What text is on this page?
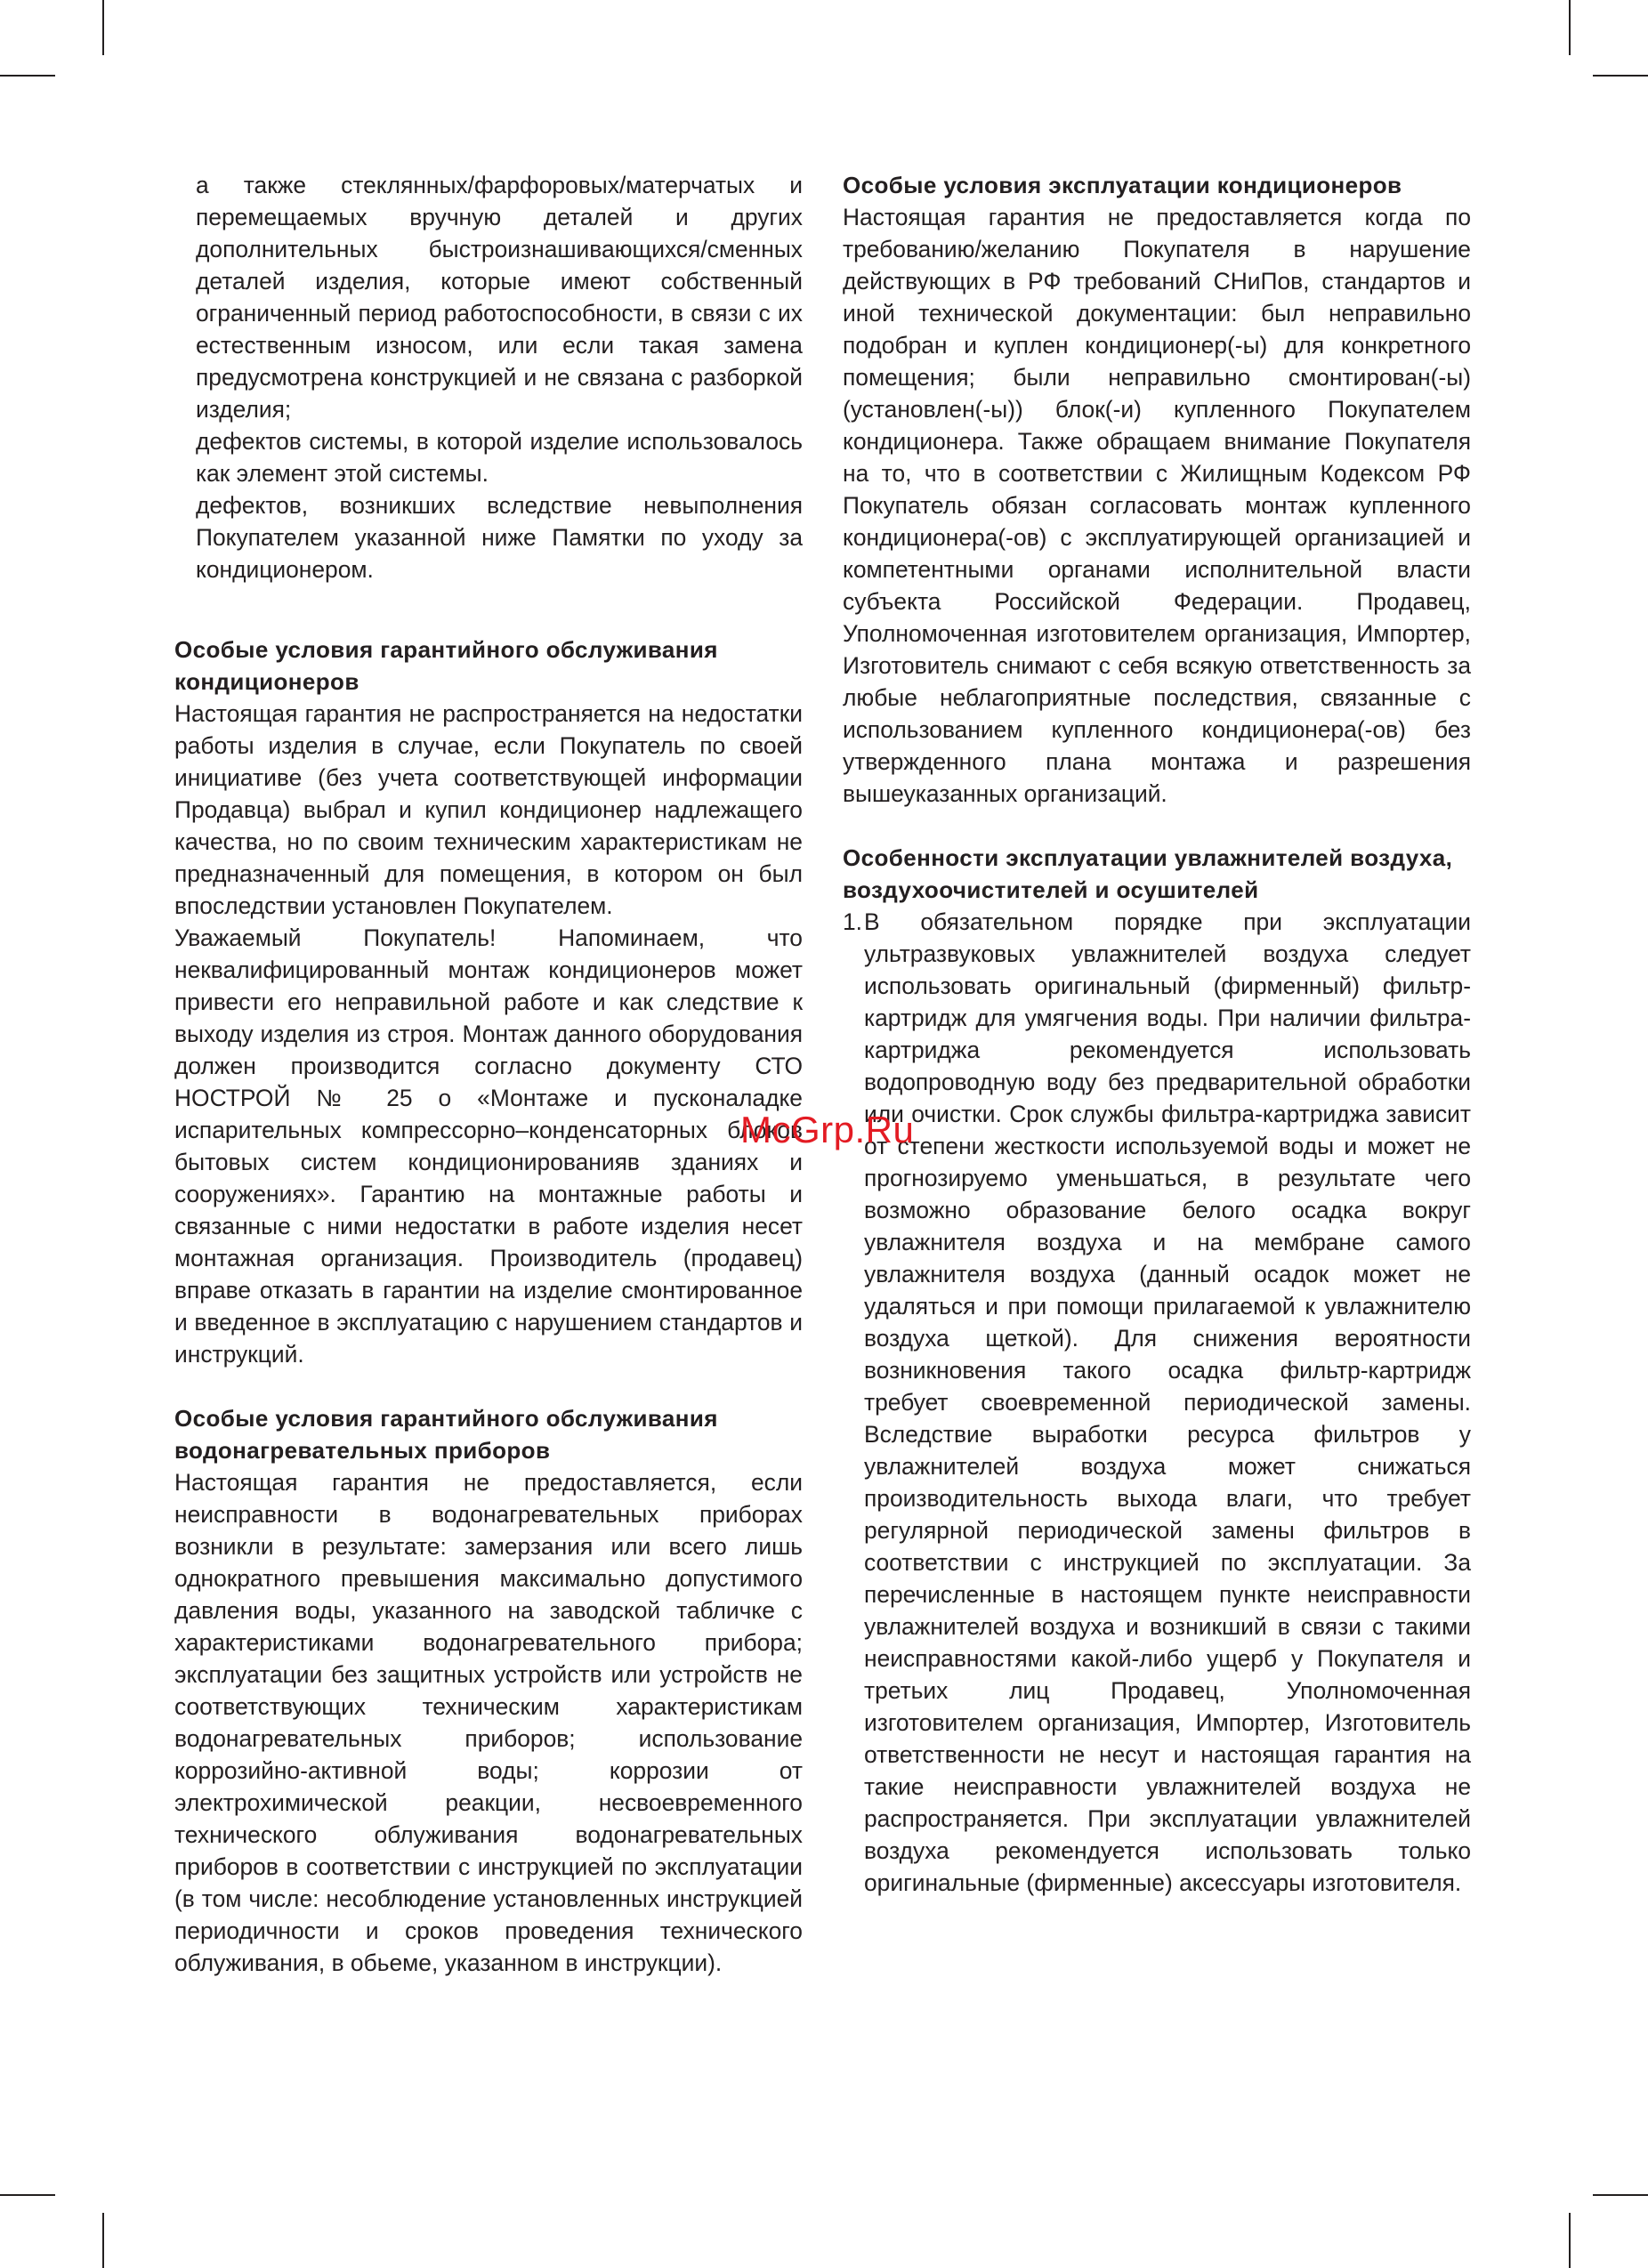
а также стеклянных/фарфоровых/матерчатых и перемещаемых вручную деталей и других дополнительных быстроизнашивающихся/сменных деталей изделия, которые имеют собственный ограниченный период работоспособности, в связи с их естественным износом, или если такая замена предусмотрена конструкцией и не связана с разборкой изделия;

дефектов системы, в которой изделие использовалось как элемент этой системы.

дефектов, возникших вследствие невыполнения Покупателем указанной ниже Памятки по уходу за кондиционером.

Особые условия гарантийного обслуживания кондиционеров

Настоящая гарантия не распространяется на недостатки работы изделия в случае, если Покупатель по своей инициативе (без учета соответствующей информации Продавца) выбрал и купил кондиционер надлежащего качества, но по своим техническим характеристикам не предназначенный для помещения, в котором он был впоследствии установлен Покупателем.

Уважаемый Покупатель! Напоминаем, что неквалифицированный монтаж кондиционеров может привести его неправильной работе и как следствие к выходу изделия из строя. Монтаж данного оборудования должен производится согласно документу СТО НОСТРОЙ № 25 о «Монтаже и пусконаладке испарительных компрессорно–конденсаторных блоков бытовых систем кондиционированияв зданиях и сооружениях». Гарантию на монтажные работы и связанные с ними недостатки в работе изделия несет монтажная организация. Производитель (продавец) вправе отказать в гарантии на изделие смонтированное и введенное в эксплуатацию с нарушением стандартов и инструкций.

Особые условия гарантийного обслуживания водонагревательных приборов

Настоящая гарантия не предоставляется, если неисправности в водонагревательных приборах возникли в результате: замерзания или всего лишь однократного превышения максимально допустимого давления воды, указанного на заводской табличке с характеристиками водонагревательного прибора; эксплуатации без защитных устройств или устройств не соответствующих техническим характеристикам водонагревательных приборов; использование коррозийно-активной воды; коррозии от электрохимической реакции, несвоевременного технического облуживания водонагревательных приборов в соответствии с инструкцией по эксплуатации (в том числе: несоблюдение установленных инструкцией периодичности и сроков проведения технического облуживания, в обьеме, указанном в инструкции).

Особые условия эксплуатации кондиционеров

Настоящая гарантия не предоставляется когда по требованию/желанию Покупателя в нарушение действующих в РФ требований СНиПов, стандартов и иной технической документации: был неправильно подобран и куплен кондиционер(-ы) для конкретного помещения; были неправильно смонтирован(-ы) (установлен(-ы)) блок(-и) купленного Покупателем кондиционера. Также обращаем внимание Покупателя на то, что в соответствии с Жилищным Кодексом РФ Покупатель обязан согласовать монтаж купленного кондиционера(-ов) с эксплуатирующей организацией и компетентными органами исполнительной власти субъекта Российской Федерации. Продавец, Уполномоченная изготовителем организация, Импортер, Изготовитель снимают с себя всякую ответственность за любые неблагоприятные последствия, связанные с использованием купленного кондиционера(-ов) без утвержденного плана монтажа и разрешения вышеуказанных организаций.

Особенности эксплуатации увлажнителей воздуха, воздухоочистителей и осушителей

1. В обязательном порядке при эксплуатации ультразвуковых увлажнителей воздуха следует использовать оригинальный (фирменный) фильтр-картридж для умягчения воды. При наличии фильтра-картриджа рекомендуется использовать водопроводную воду без предварительной обработки или очистки. Срок службы фильтра-картриджа зависит от степени жесткости используемой воды и может не прогнозируемо уменьшаться, в результате чего возможно образование белого осадка вокруг увлажнителя воздуха и на мембране самого увлажнителя воздуха (данный осадок может не удаляться и при помощи прилагаемой к увлажнителю воздуха щеткой). Для снижения вероятности возникновения такого осадка фильтр-картридж требует своевременной периодической замены. Вследствие выработки ресурса фильтров у увлажнителей воздуха может снижаться производительность выхода влаги, что требует регулярной периодической замены фильтров в соответствии с инструкцией по эксплуатации. За перечисленные в настоящем пункте неисправности увлажнителей воздуха и возникший в связи с такими неисправностями какой-либо ущерб у Покупателя и третьих лиц Продавец, Уполномоченная изготовителем организация, Импортер, Изготовитель ответственности не несут и настоящая гарантия на такие неисправности увлажнителей воздуха не распространяется. При эксплуатации увлажнителей воздуха рекомендуется использовать только оригинальные (фирменные) аксессуары изготовителя.

McGrp.Ru
